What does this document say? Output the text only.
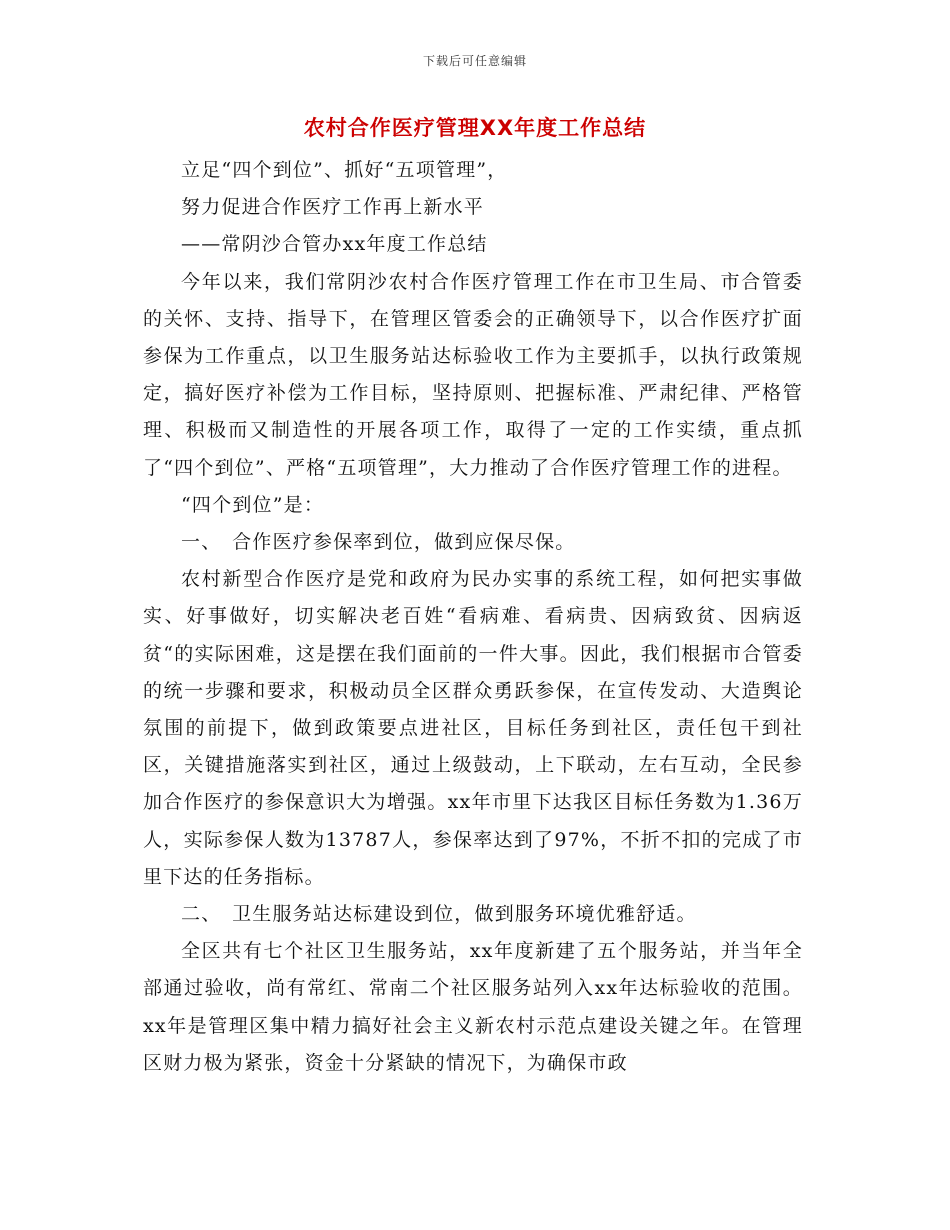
下载后可任意编辑
农村合作医疗管理XX年度工作总结

立足“四个到位”、抓好“五项管理”，

努力促进合作医疗工作再上新水平

——常阴沙合管办xx年度工作总结

今年以来，我们常阴沙农村合作医疗管理工作在市卫生局、市合管委的关怀、支持、指导下，在管理区管委会的正确领导下，以合作医疗扩面参保为工作重点，以卫生服务站达标验收工作为主要抓手，以执行政策规定，搞好医疗补偿为工作目标，坚持原则、把握标准、严肃纪律、严格管理、积极而又制造性的开展各项工作，取得了一定的工作实绩，重点抓了“四个到位”、严格“五项管理”，大力推动了合作医疗管理工作的进程。

“四个到位”是：

一、　合作医疗参保率到位，做到应保尽保。

农村新型合作医疗是党和政府为民办实事的系统工程，如何把实事做实、好事做好，切实解决老百姓“看病难、看病贵、因病致贫、因病返贫“的实际困难，这是摆在我们面前的一件大事。因此，我们根据市合管委的统一步骤和要求，积极动员全区群众勇跃参保，在宣传发动、大造舆论氛围的前提下，做到政策要点进社区，目标任务到社区，责任包干到社区，关键措施落实到社区，通过上级鼓动，上下联动，左右互动，全民参加合作医疗的参保意识大为增强。xx年市里下达我区目标任务数为1.36万人，实际参保人数为13787人，参保率达到了97%，不折不扣的完成了市里下达的任务指标。

二、　卫生服务站达标建设到位，做到服务环境优雅舒适。

全区共有七个社区卫生服务站，xx年度新建了五个服务站，并当年全部通过验收，尚有常红、常南二个社区服务站列入xx年达标验收的范围。xx年是管理区集中精力搞好社会主义新农村示范点建设关键之年。在管理区财力极为紧张，资金十分紧缺的情况下，为确保市政
